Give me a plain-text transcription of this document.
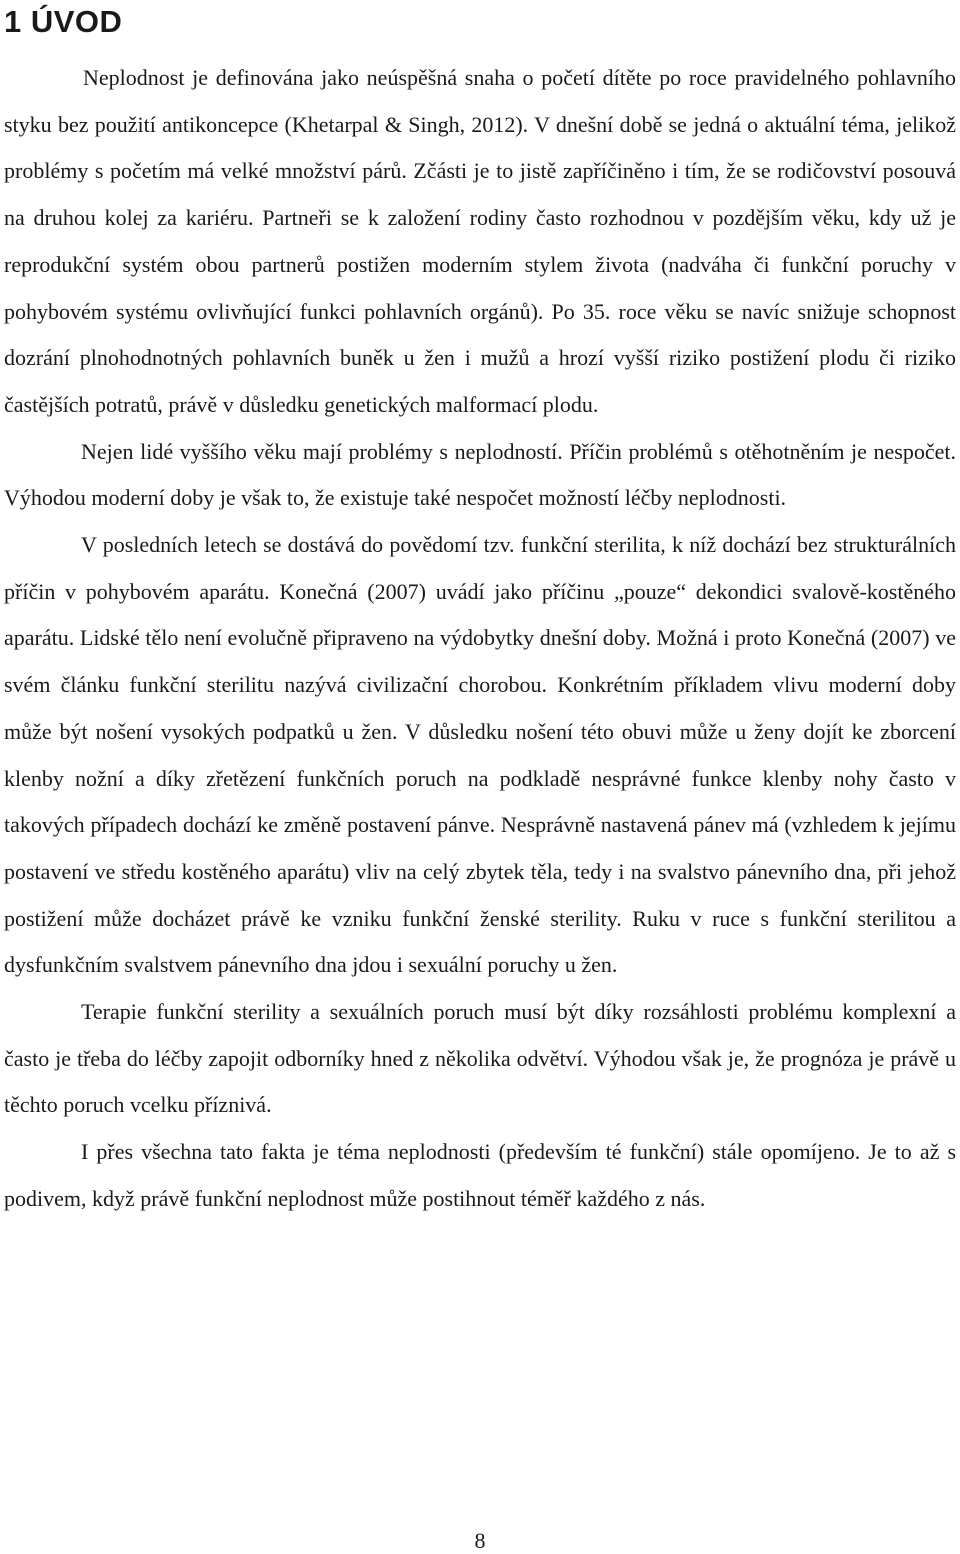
1 ÚVOD

Neplodnost je definována jako neúspěšná snaha o početí dítěte po roce pravidelného pohlavního styku bez použití antikoncepce (Khetarpal & Singh, 2012). V dnešní době se jedná o aktuální téma, jelikož problémy s početím má velké množství párů. Zčásti je to jistě zapříčiněno i tím, že se rodičovství posouvá na druhou kolej za kariéru. Partneři se k založení rodiny často rozhodnou v pozdějším věku, kdy už je reprodukční systém obou partnerů postižen moderním stylem života (nadváha či funkční poruchy v pohybovém systému ovlivňující funkci pohlavních orgánů). Po 35. roce věku se navíc snižuje schopnost dozrání plnohodnotných pohlavních buněk u žen i mužů a hrozí vyšší riziko postižení plodu či riziko častějších potratů, právě v důsledku genetických malformací plodu.

Nejen lidé vyššího věku mají problémy s neplodností. Příčin problémů s otěhotněním je nespočet. Výhodou moderní doby je však to, že existuje také nespočet možností léčby neplodnosti.

V posledních letech se dostává do povědomí tzv. funkční sterilita, k níž dochází bez strukturálních příčin v pohybovém aparátu. Konečná (2007) uvádí jako příčinu „pouze“ dekondici svalově-kostěného aparátu. Lidské tělo není evolučně připraveno na výdobytky dnešní doby. Možná i proto Konečná (2007) ve svém článku funkční sterilitu nazývá civilizační chorobou. Konkrétním příkladem vlivu moderní doby může být nošení vysokých podpatků u žen. V důsledku nošení této obuvi může u ženy dojít ke zborcení klenby nožní a díky zřetězení funkčních poruch na podkladě nesprávné funkce klenby nohy často v takových případech dochází ke změně postavení pánve. Nesprávně nastavená pánev má (vzhledem k jejímu postavení ve středu kostěného aparátu) vliv na celý zbytek těla, tedy i na svalstvo pánevního dna, při jehož postižení může docházet právě ke vzniku funkční ženské sterility. Ruku v ruce s funkční sterilitou a dysfunkčním svalstvem pánevního dna jdou i sexuální poruchy u žen.

Terapie funkční sterility a sexuálních poruch musí být díky rozsáhlosti problému komplexní a často je třeba do léčby zapojit odborníky hned z několika odvětví. Výhodou však je, že prognóza je právě u těchto poruch vcelku příznivá.

I přes všechna tato fakta je téma neplodnosti (především té funkční) stále opomíjeno. Je to až s podivem, když právě funkční neplodnost může postihnout téměř každého z nás.

8
